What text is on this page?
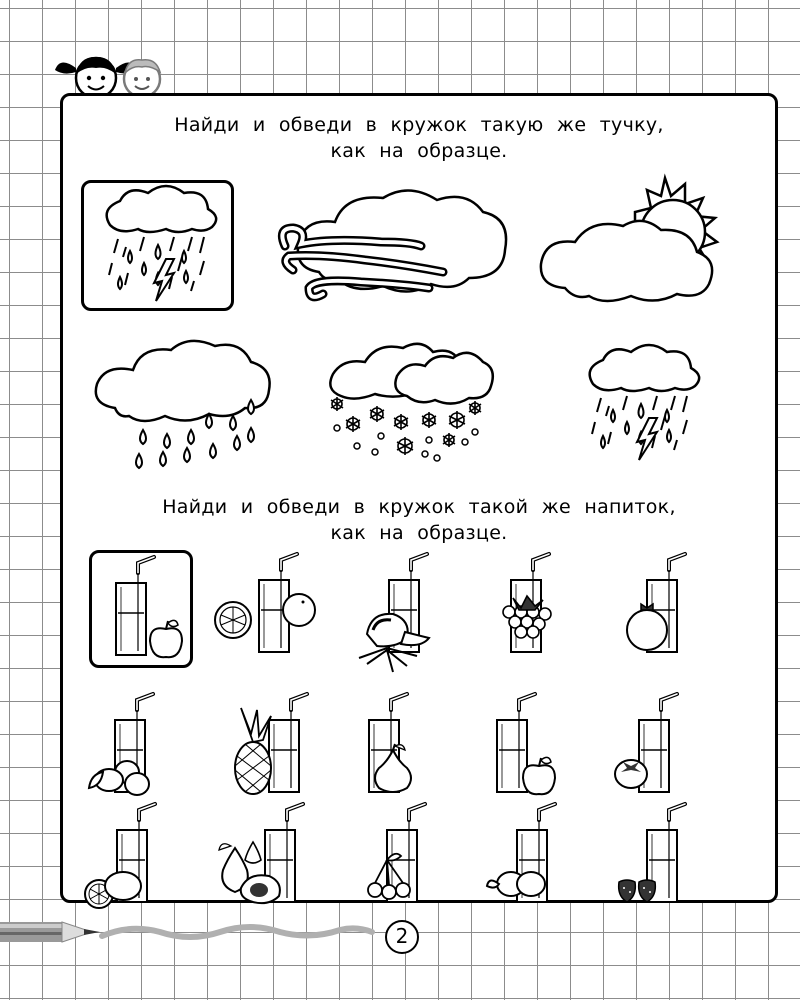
Найди и обведи в кружок такую же тучку,
как на образце.
Найди и обведи в кружок такой же напиток,
как на образце.
2
